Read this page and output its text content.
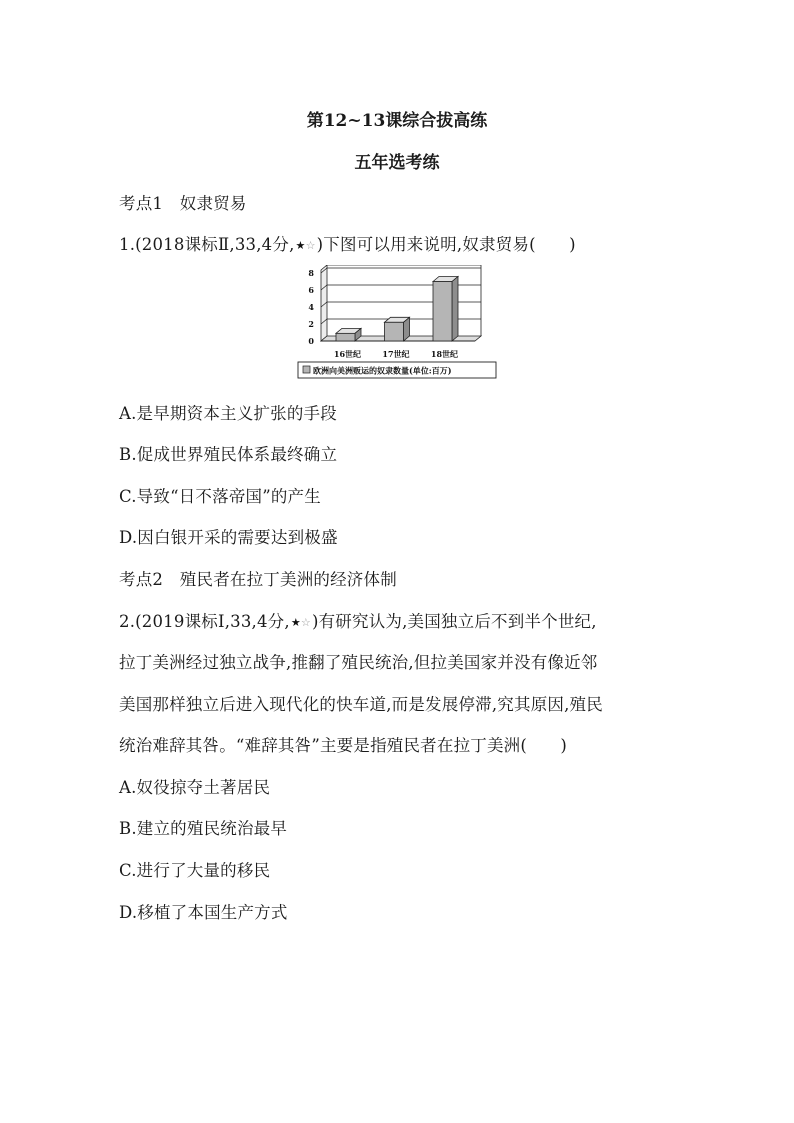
第12~13课综合拔高练
五年选考练

考点1　奴隶贸易

1.(2018课标Ⅱ,33,4分,★☆)下图可以用来说明,奴隶贸易(　　)

0
2
4
6
8
16世纪	17世纪	18世纪
欧洲向美洲贩运的奴隶数量(单位:百万)

A.是早期资本主义扩张的手段

B.促成世界殖民体系最终确立

C.导致“日不落帝国”的产生

D.因白银开采的需要达到极盛

考点2　殖民者在拉丁美洲的经济体制

2.(2019课标Ⅰ,33,4分,★☆)有研究认为,美国独立后不到半个世纪,

拉丁美洲经过独立战争,推翻了殖民统治,但拉美国家并没有像近邻

美国那样独立后进入现代化的快车道,而是发展停滞,究其原因,殖民

统治难辞其咎。“难辞其咎”主要是指殖民者在拉丁美洲(　　)

A.奴役掠夺土著居民

B.建立的殖民统治最早

C.进行了大量的移民

D.移植了本国生产方式
